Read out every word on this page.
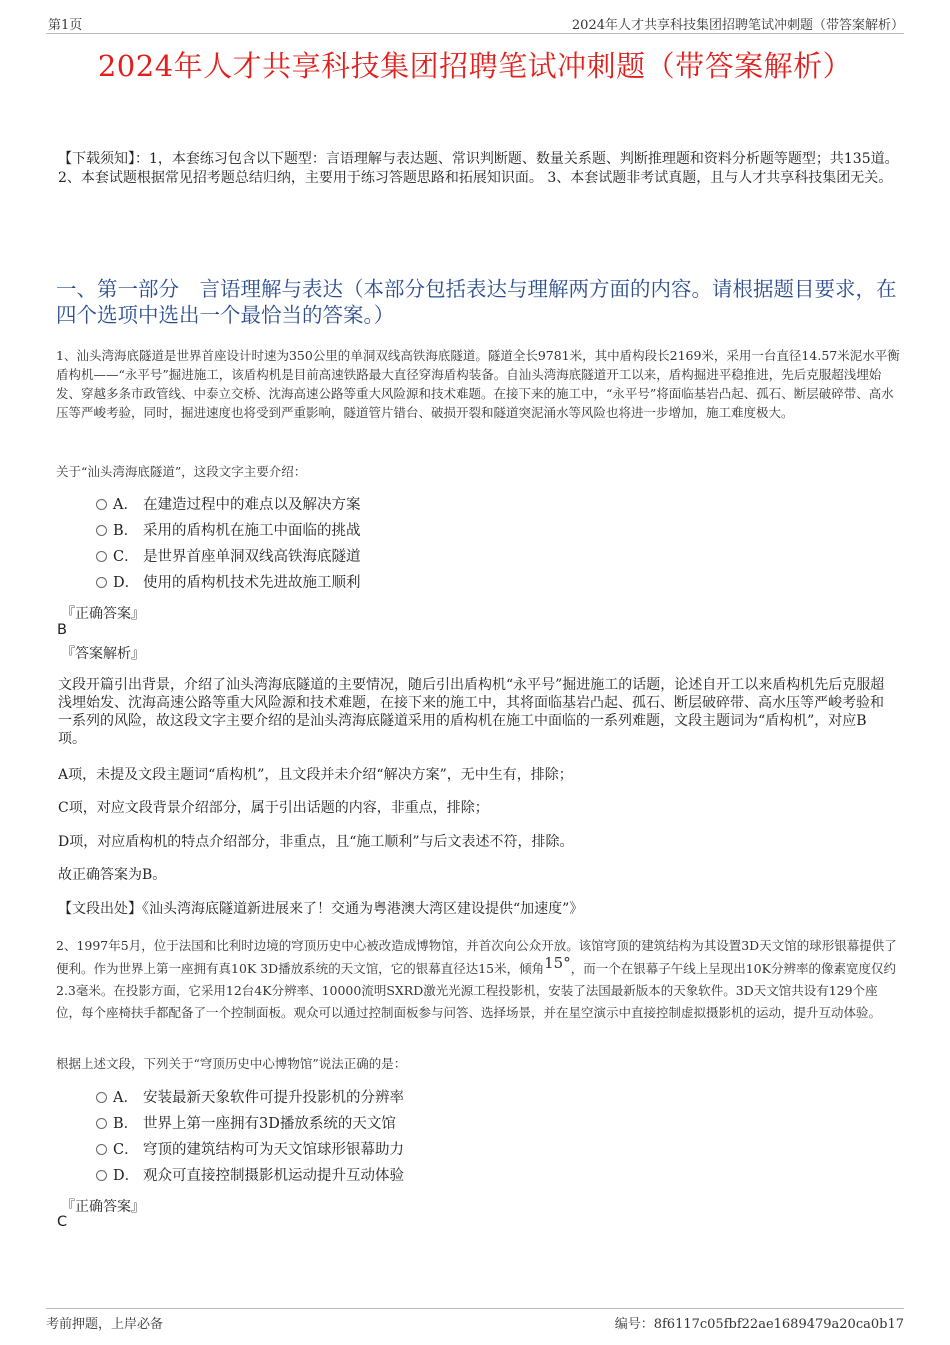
第1页	2024年人才共享科技集团招聘笔试冲刺题（带答案解析）
2024年人才共享科技集团招聘笔试冲刺题（带答案解析）
【下载须知】：1，本套练习包含以下题型：言语理解与表达题、常识判断题、数量关系题、判断推理题和资料分析题等题型；共135道。 2、本套试题根据常见招考题总结归纳，主要用于练习答题思路和拓展知识面。 3、本套试题非考试真题，且与人才共享科技集团无关。
一、第一部分　言语理解与表达（本部分包括表达与理解两方面的内容。请根据题目要求，在四个选项中选出一个最恰当的答案。）
1、汕头湾海底隧道是世界首座设计时速为350公里的单洞双线高铁海底隧道。隧道全长9781米，其中盾构段长2169米，采用一台直径14.57米泥水平衡盾构机——“永平号”掘进施工，该盾构机是目前高速铁路最大直径穿海盾构装备。自汕头湾海底隧道开工以来，盾构掘进平稳推进，先后克服超浅埋始发、穿越多条市政管线、中泰立交桥、沈海高速公路等重大风险源和技术难题。在接下来的施工中，“永平号”将面临基岩凸起、孤石、断层破碎带、高水压等严峻考验，同时，掘进速度也将受到严重影响，隧道管片错台、破损开裂和隧道突泥涌水等风险也将进一步增加，施工难度极大。
关于“汕头湾海底隧道”，这段文字主要介绍：
A． 在建造过程中的难点以及解决方案
B． 采用的盾构机在施工中面临的挑战
C． 是世界首座单洞双线高铁海底隧道
D． 使用的盾构机技术先进故施工顺利
『正确答案』
B
『答案解析』
文段开篇引出背景，介绍了汕头湾海底隧道的主要情况，随后引出盾构机“永平号”掘进施工的话题，论述自开工以来盾构机先后克服超浅埋始发、沈海高速公路等重大风险源和技术难题，在接下来的施工中，其将面临基岩凸起、孤石、断层破碎带、高水压等严峻考验和一系列的风险，故这段文字主要介绍的是汕头湾海底隧道采用的盾构机在施工中面临的一系列难题，文段主题词为“盾构机”，对应B项。
A项，未提及文段主题词“盾构机”，且文段并未介绍“解决方案”，无中生有，排除；
C项，对应文段背景介绍部分，属于引出话题的内容，非重点，排除；
D项，对应盾构机的特点介绍部分，非重点，且“施工顺利”与后文表述不符，排除。
故正确答案为B。
【文段出处】《汕头湾海底隧道新进展来了！交通为粤港澳大湾区建设提供“加速度”》
2、1997年5月，位于法国和比利时边境的穹顶历史中心被改造成博物馆，并首次向公众开放。该馆穹顶的建筑结构为其设置3D天文馆的球形银幕提供了便利。作为世界上第一座拥有真10K 3D播放系统的天文馆，它的银幕直径达15米，倾角15°，而一个在银幕子午线上呈现出10K分辨率的像素宽度仅约2.3毫米。在投影方面，它采用12台4K分辨率、10000流明SXRD激光光源工程投影机，安装了法国最新版本的天象软件。3D天文馆共设有129个座位，每个座椅扶手都配备了一个控制面板。观众可以通过控制面板参与问答、选择场景，并在星空演示中直接控制虚拟摄影机的运动，提升互动体验。
根据上述文段，下列关于“穹顶历史中心博物馆”说法正确的是：
A． 安装最新天象软件可提升投影机的分辨率
B． 世界上第一座拥有3D播放系统的天文馆
C． 穹顶的建筑结构可为天文馆球形银幕助力
D． 观众可直接控制摄影机运动提升互动体验
『正确答案』
C
考前押题，上岸必备	编号：8f6117c05fbf22ae1689479a20ca0b17
